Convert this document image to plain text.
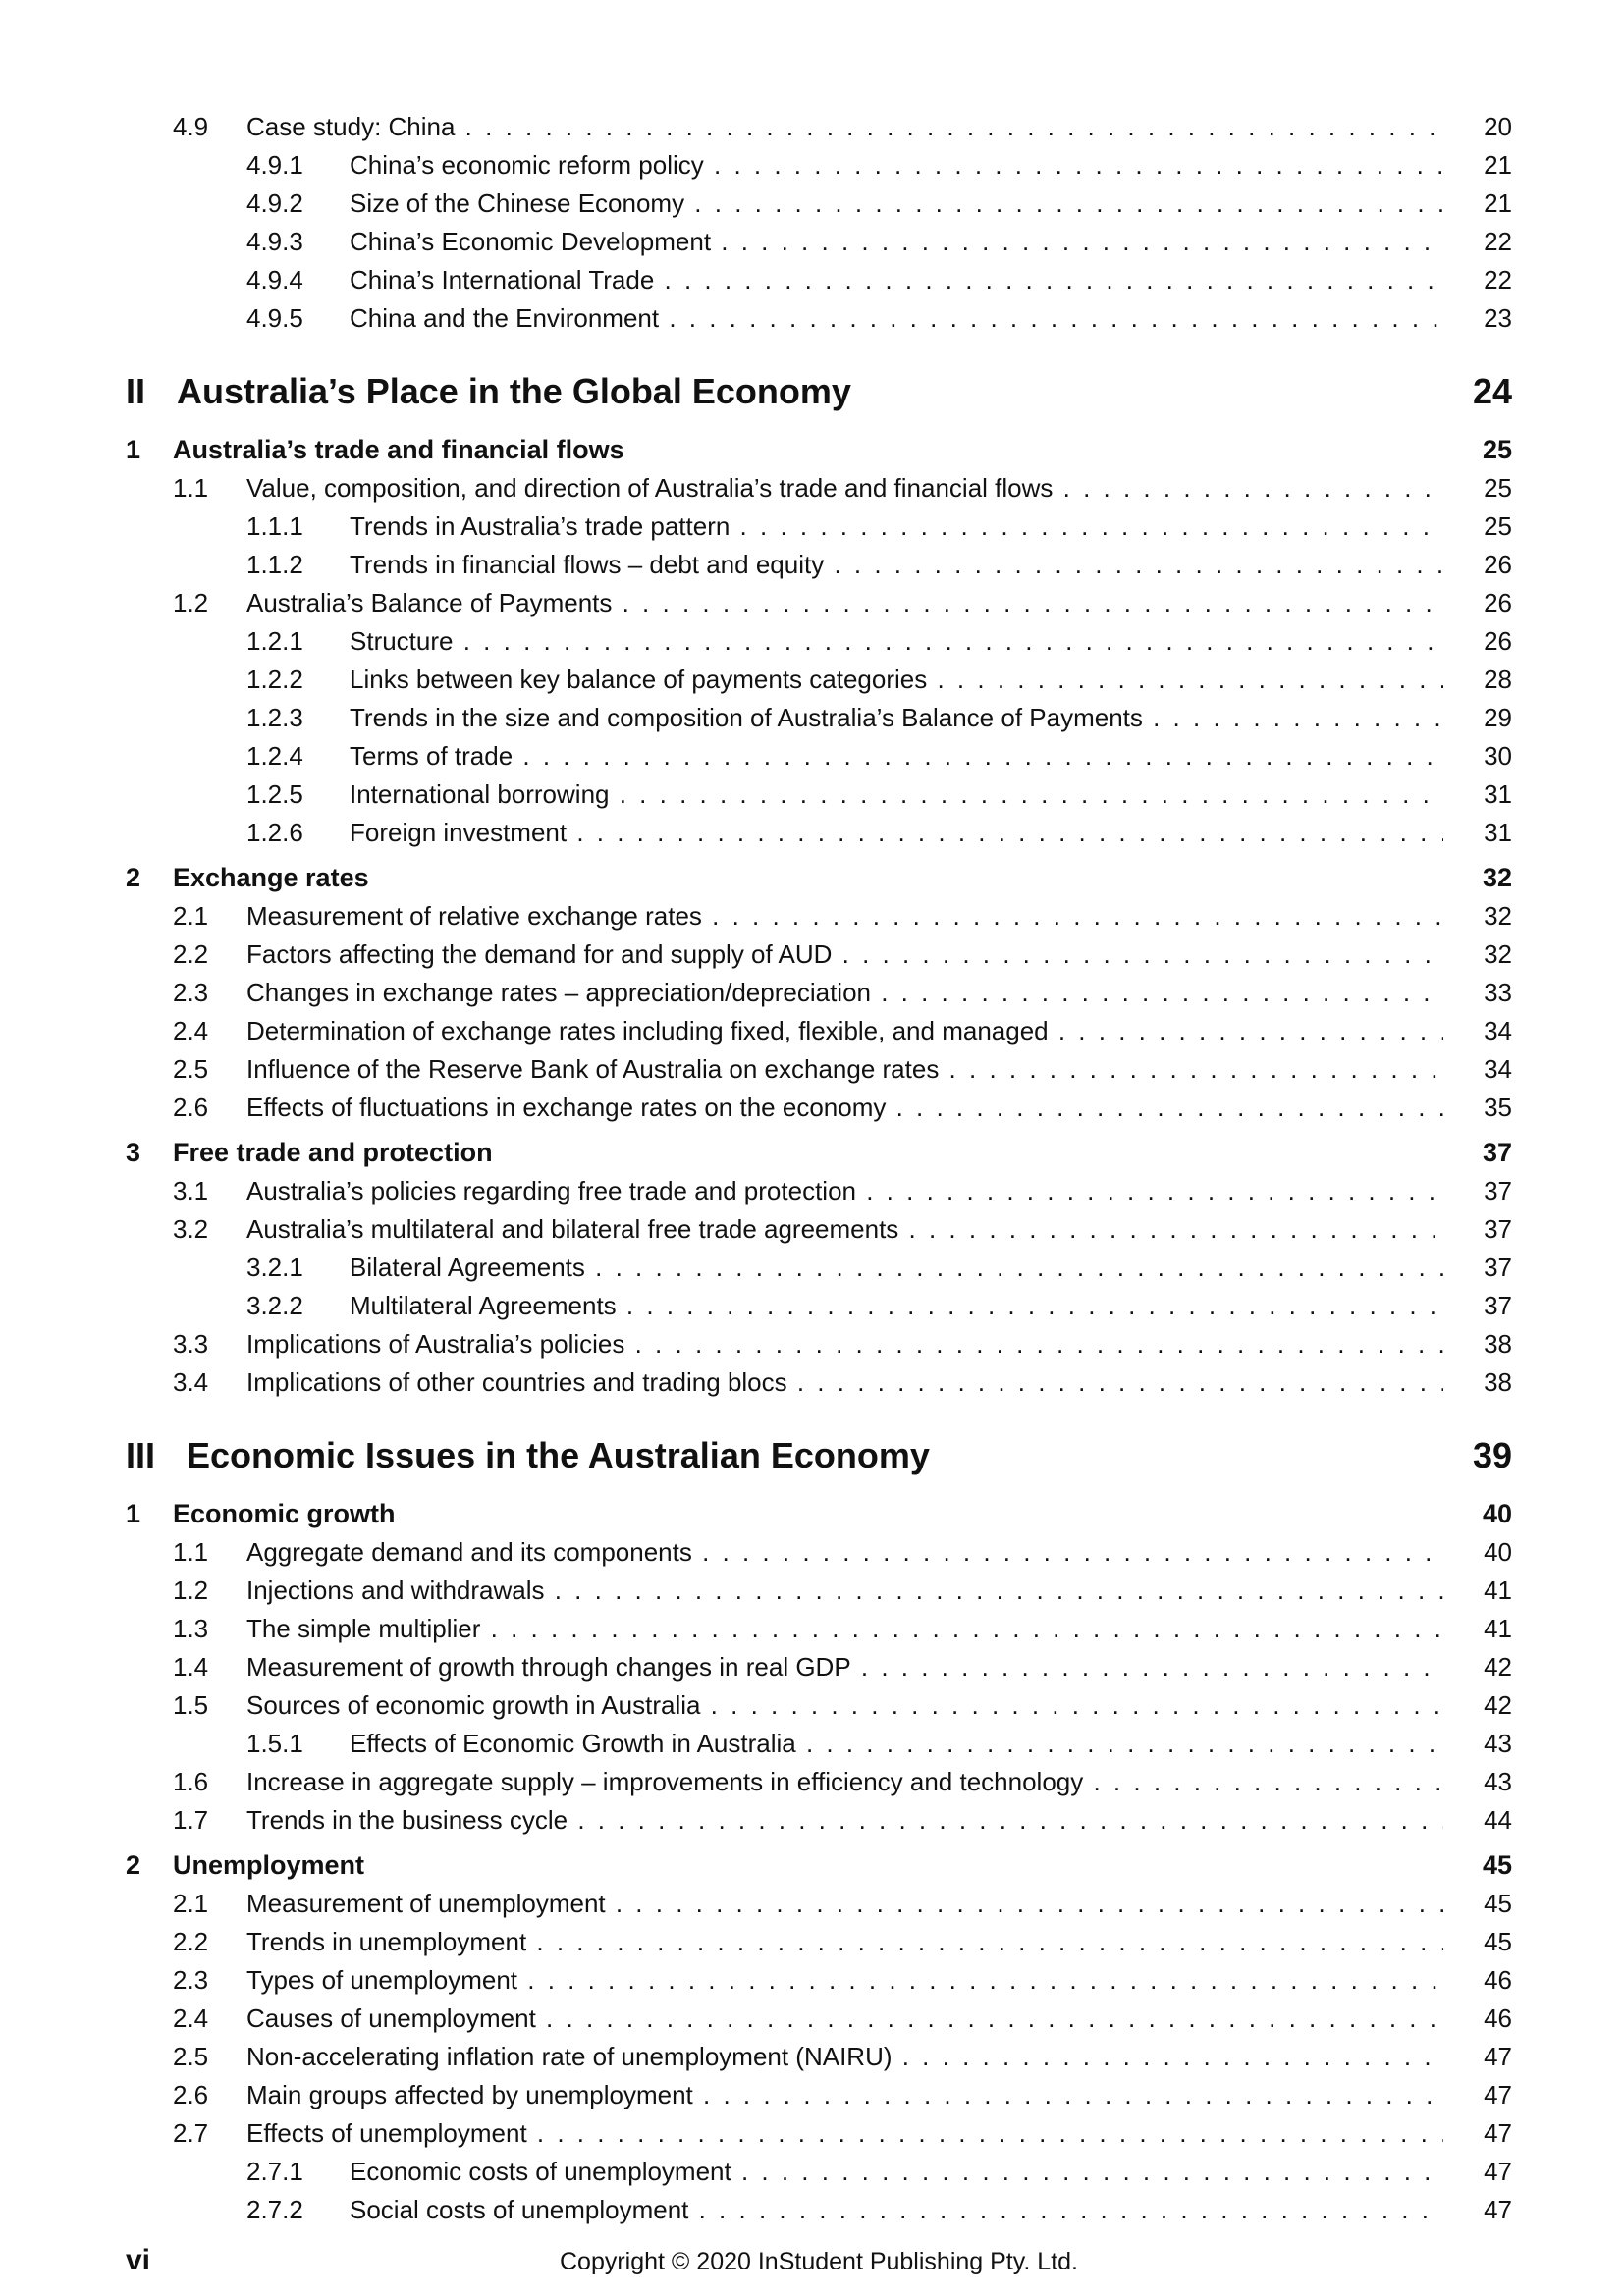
4.9 Case study: China . . .	20
4.9.1 China’s economic reform policy . . .	21
4.9.2 Size of the Chinese Economy . . .	21
4.9.3 China’s Economic Development . . .	22
4.9.4 China’s International Trade . . .	22
4.9.5 China and the Environment . . .	23
II Australia’s Place in the Global Economy	24
1 Australia’s trade and financial flows	25
1.1 Value, composition, and direction of Australia’s trade and financial flows . . .	25
1.1.1 Trends in Australia’s trade pattern . . .	25
1.1.2 Trends in financial flows – debt and equity . . .	26
1.2 Australia’s Balance of Payments . . .	26
1.2.1 Structure . . .	26
1.2.2 Links between key balance of payments categories . . .	28
1.2.3 Trends in the size and composition of Australia’s Balance of Payments . . .	29
1.2.4 Terms of trade . . .	30
1.2.5 International borrowing . . .	31
1.2.6 Foreign investment . . .	31
2 Exchange rates	32
2.1 Measurement of relative exchange rates . . .	32
2.2 Factors affecting the demand for and supply of AUD . . .	32
2.3 Changes in exchange rates – appreciation/depreciation . . .	33
2.4 Determination of exchange rates including fixed, flexible, and managed . . .	34
2.5 Influence of the Reserve Bank of Australia on exchange rates . . .	34
2.6 Effects of fluctuations in exchange rates on the economy . . .	35
3 Free trade and protection	37
3.1 Australia’s policies regarding free trade and protection . . .	37
3.2 Australia’s multilateral and bilateral free trade agreements . . .	37
3.2.1 Bilateral Agreements . . .	37
3.2.2 Multilateral Agreements . . .	37
3.3 Implications of Australia’s policies . . .	38
3.4 Implications of other countries and trading blocs . . .	38
III Economic Issues in the Australian Economy	39
1 Economic growth	40
1.1 Aggregate demand and its components . . .	40
1.2 Injections and withdrawals . . .	41
1.3 The simple multiplier . . .	41
1.4 Measurement of growth through changes in real GDP . . .	42
1.5 Sources of economic growth in Australia . . .	42
1.5.1 Effects of Economic Growth in Australia . . .	43
1.6 Increase in aggregate supply – improvements in efficiency and technology . . .	43
1.7 Trends in the business cycle . . .	44
2 Unemployment	45
2.1 Measurement of unemployment . . .	45
2.2 Trends in unemployment . . .	45
2.3 Types of unemployment . . .	46
2.4 Causes of unemployment . . .	46
2.5 Non-accelerating inflation rate of unemployment (NAIRU) . . .	47
2.6 Main groups affected by unemployment . . .	47
2.7 Effects of unemployment . . .	47
2.7.1 Economic costs of unemployment . . .	47
2.7.2 Social costs of unemployment . . .	47
vi	Copyright © 2020 InStudent Publishing Pty. Ltd.
